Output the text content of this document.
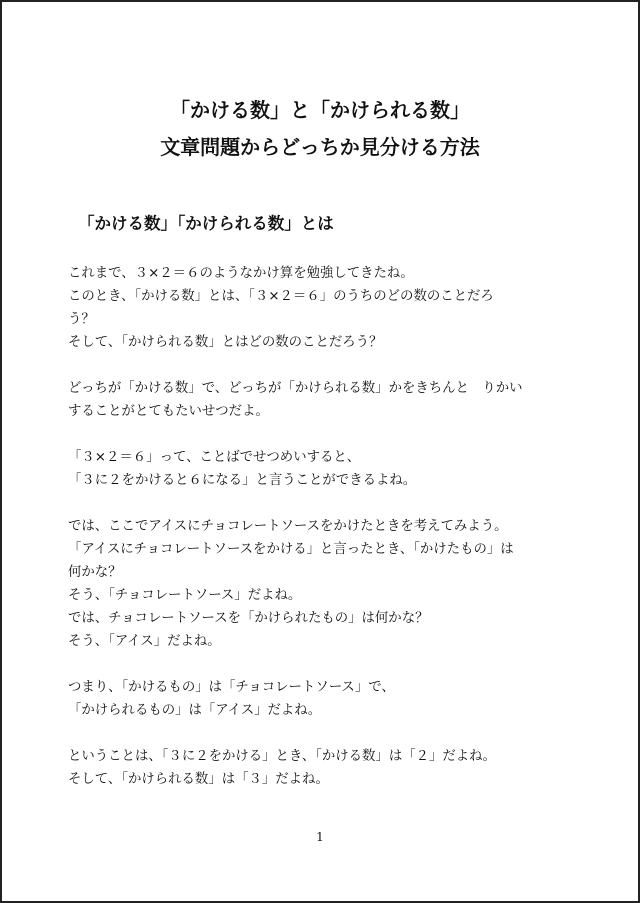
「かける数」と「かけられる数」
文章問題からどっちか見分ける方法
「かける数」「かけられる数」とは
これまで、３×２＝６のようなかけ算を勉強してきたね。
このとき、「かける数」とは、「３×２＝６」のうちのどの数のことだろ
う？
そして、「かけられる数」とはどの数のことだろう？
どっちが「かける数」で、どっちが「かけられる数」かをきちんと　りかい
することがとてもたいせつだよ。
「３×２＝６」って、ことばでせつめいすると、
「３に２をかけると６になる」と言うことができるよね。
では、ここでアイスにチョコレートソースをかけたときを考えてみよう。
「アイスにチョコレートソースをかける」と言ったとき、「かけたもの」は
何かな？
そう、「チョコレートソース」だよね。
では、チョコレートソースを「かけられたもの」は何かな？
そう、「アイス」だよね。
つまり、「かけるもの」は「チョコレートソース」で、
「かけられるもの」は「アイス」だよね。
ということは、「３に２をかける」とき、「かける数」は「２」だよね。
そして、「かけられる数」は「３」だよね。
1
